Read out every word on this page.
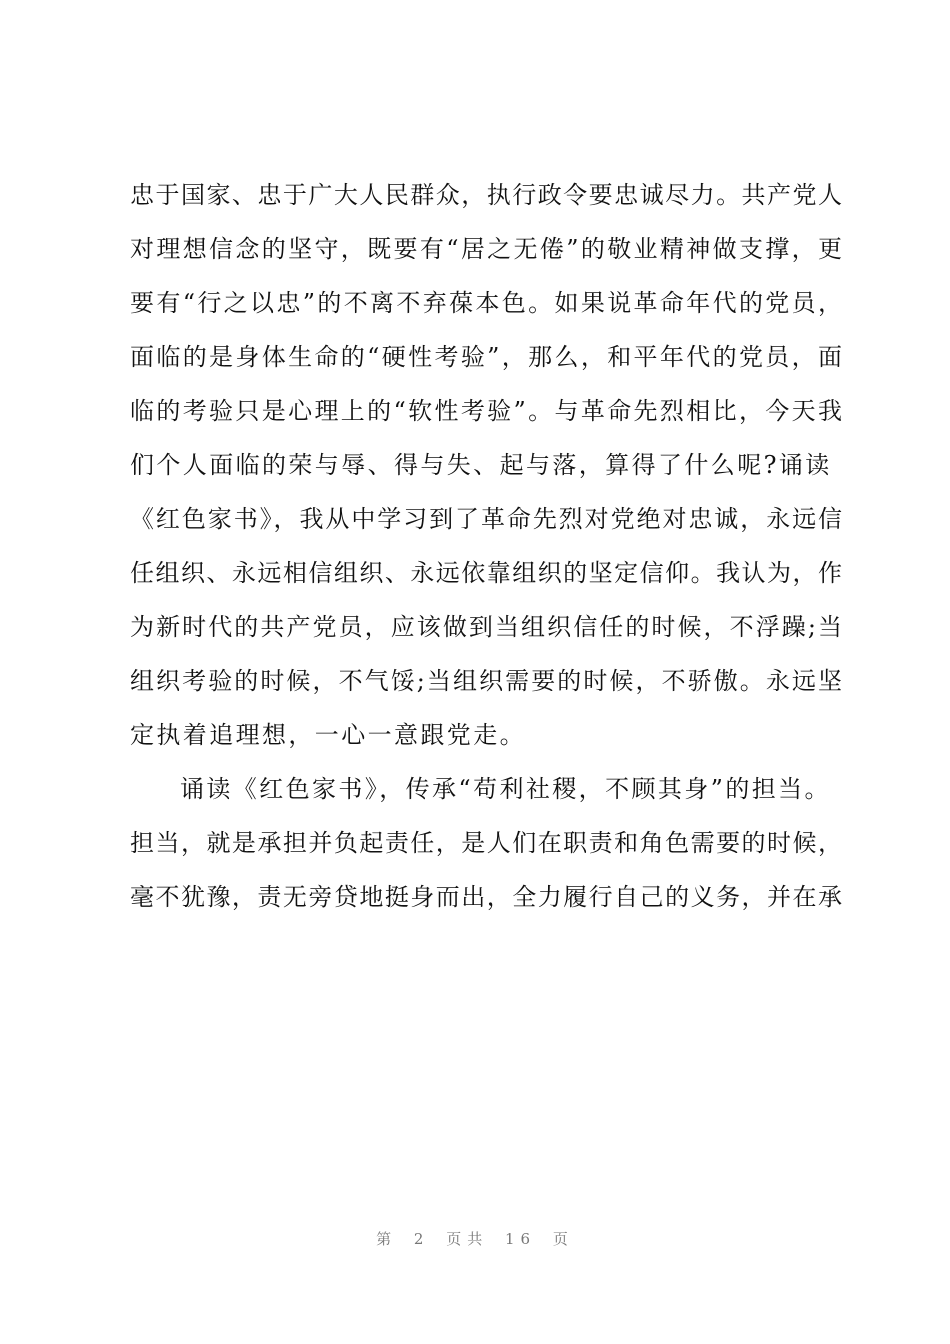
忠于国家、忠于广大人民群众，执行政令要忠诚尽力。共产党人
对理想信念的坚守，既要有“居之无倦”的敬业精神做支撑，更
要有“行之以忠”的不离不弃葆本色。如果说革命年代的党员，
面临的是身体生命的“硬性考验”，那么，和平年代的党员，面
临的考验只是心理上的“软性考验”。与革命先烈相比，今天我
们个人面临的荣与辱、得与失、起与落，算得了什么呢?诵读
《红色家书》，我从中学习到了革命先烈对党绝对忠诚，永远信
任组织、永远相信组织、永远依靠组织的坚定信仰。我认为，作
为新时代的共产党员，应该做到当组织信任的时候，不浮躁;当
组织考验的时候，不气馁;当组织需要的时候，不骄傲。永远坚
定执着追理想，一心一意跟党走。
诵读《红色家书》，传承“苟利社稷，不顾其身”的担当。
担当，就是承担并负起责任，是人们在职责和角色需要的时候，
毫不犹豫，责无旁贷地挺身而出，全力履行自己的义务，并在承
第 2 页共 16 页
